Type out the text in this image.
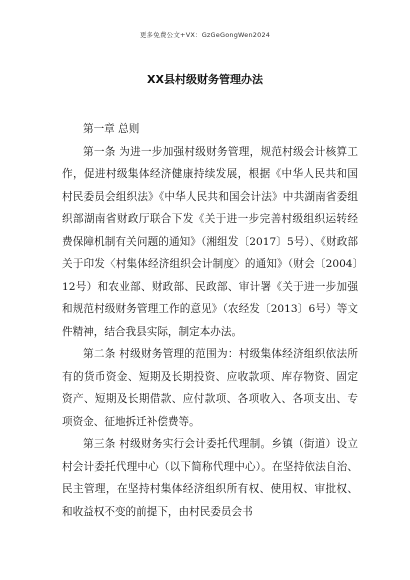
更多免费公文+VX：GzGeGongWen2024
XX县村级财务管理办法

第一章 总则

第一条 为进一步加强村级财务管理，规范村级会计核算工作，促进村级集体经济健康持续发展，根据《中华人民共和国村民委员会组织法》《中华人民共和国会计法》中共湖南省委组织部湖南省财政厅联合下发《关于进一步完善村级组织运转经费保障机制有关问题的通知》（湘组发〔2017〕5号）、《财政部关于印发〈村集体经济组织会计制度〉的通知》（财会〔2004〕12号）和农业部、财政部、民政部、审计署《关于进一步加强和规范村级财务管理工作的意见》（农经发〔2013〕6号）等文件精神，结合我县实际，制定本办法。

第二条 村级财务管理的范围为：村级集体经济组织依法所有的货币资金、短期及长期投资、应收款项、库存物资、固定资产、短期及长期借款、应付款项、各项收入、各项支出、专项资金、征地拆迁补偿费等。

第三条 村级财务实行会计委托代理制。乡镇（街道）设立村会计委托代理中心（以下简称代理中心）。在坚持依法自治、民主管理，在坚持村集体经济组织所有权、使用权、审批权、和收益权不变的前提下，由村民委员会书
